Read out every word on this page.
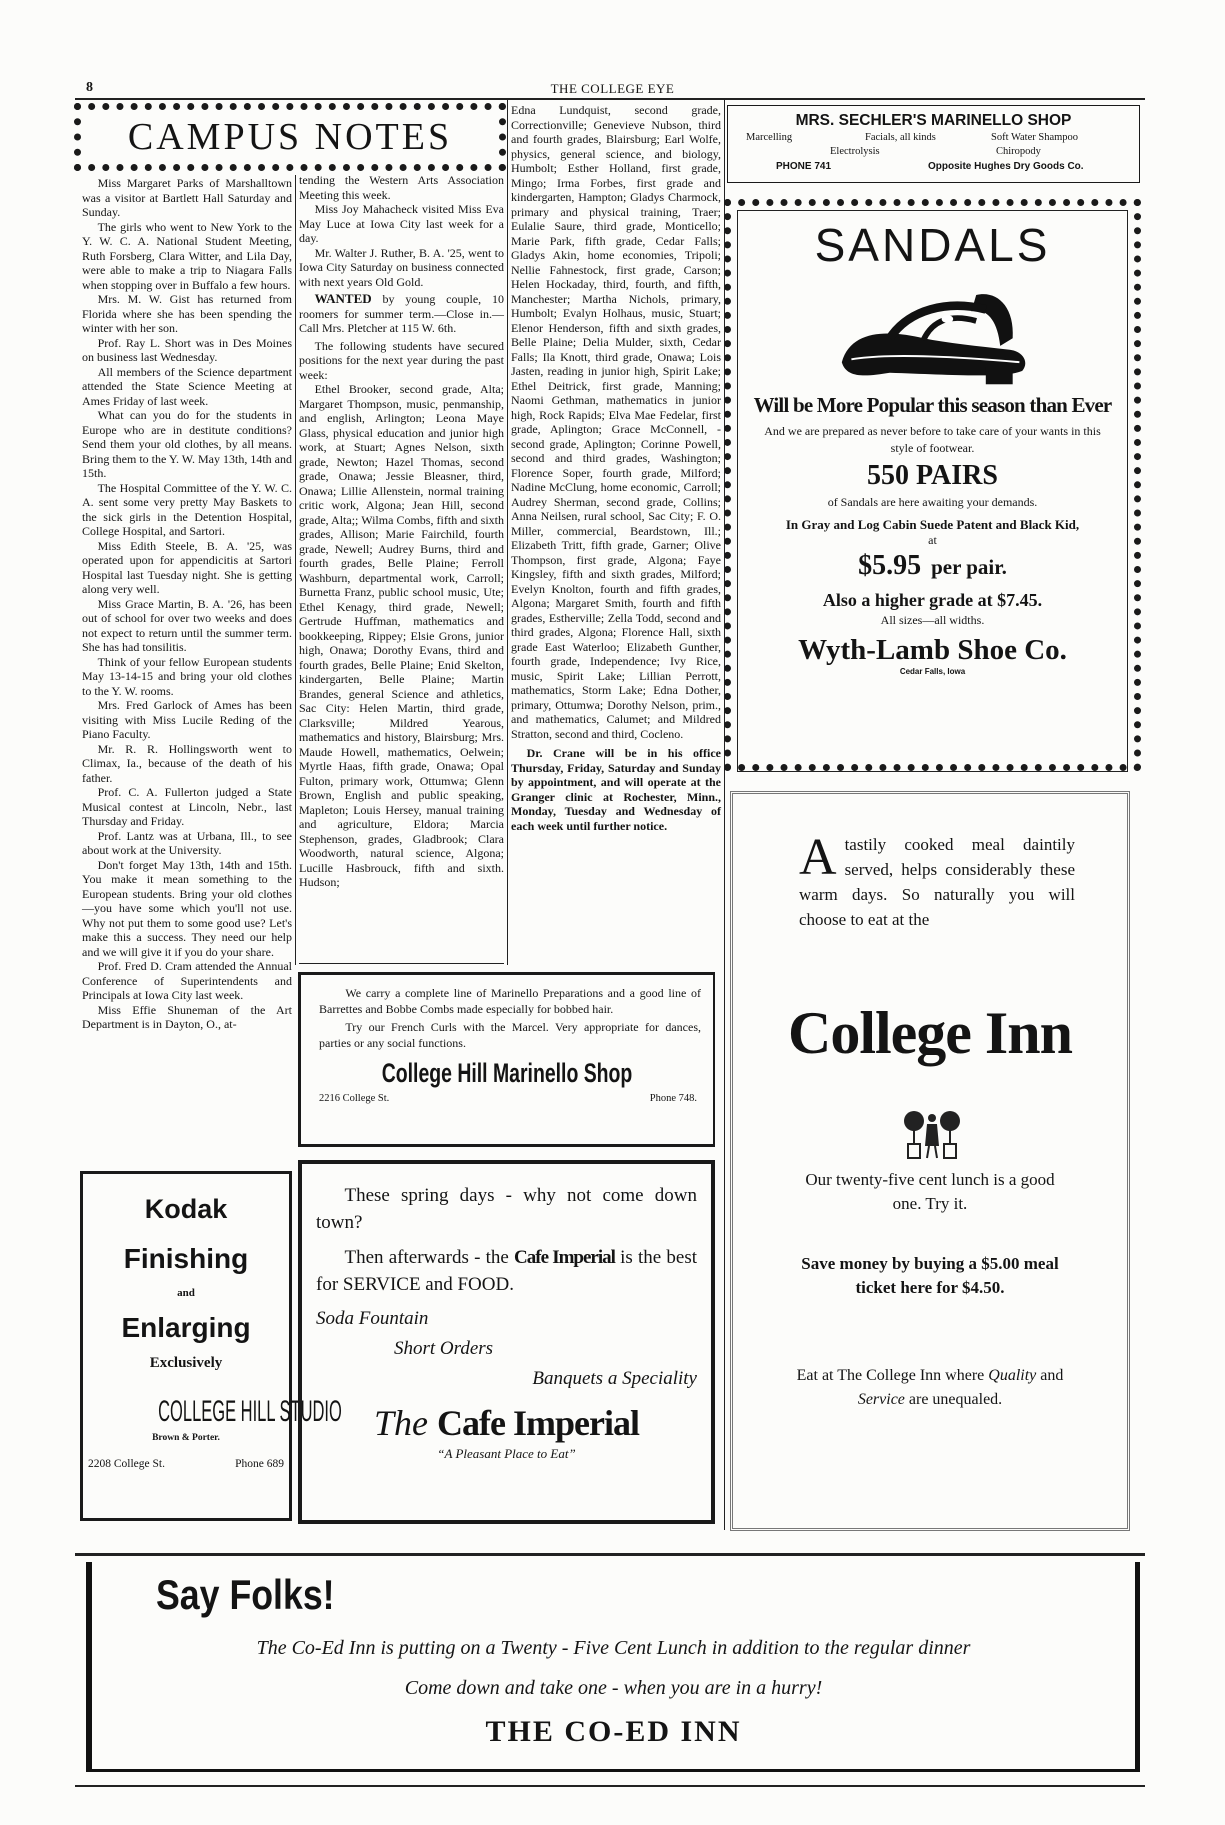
8	THE COLLEGE EYE
CAMPUS NOTES

Miss Margaret Parks of Marshalltown was a visitor at Bartlett Hall Saturday and Sunday.

The girls who went to New York to the Y. W. C. A. National Student Meeting, Ruth Forsberg, Clara Witter, and Lila Day, were able to make a trip to Niagara Falls when stopping over in Buffalo a few hours.

Mrs. M. W. Gist has returned from Florida where she has been spending the winter with her son.

Prof. Ray L. Short was in Des Moines on business last Wednesday.

All members of the Science department attended the State Science Meeting at Ames Friday of last week.

What can you do for the students in Europe who are in destitute conditions? Send them your old clothes, by all means. Bring them to the Y. W. May 13th, 14th and 15th.

The Hospital Committee of the Y. W. C. A. sent some very pretty May Baskets to the sick girls in the Detention Hospital, College Hospital, and Sartori.

Miss Edith Steele, B. A. '25, was operated upon for appendicitis at Sartori Hospital last Tuesday night. She is getting along very well.

Miss Grace Martin, B. A. '26, has been out of school for over two weeks and does not expect to return until the summer term. She has had tonsilitis.

Think of your fellow European students May 13-14-15 and bring your old clothes to the Y. W. rooms.

Mrs. Fred Garlock of Ames has been visiting with Miss Lucile Reding of the Piano Faculty.

Mr. R. R. Hollingsworth went to Climax, Ia., because of the death of his father.

Prof. C. A. Fullerton judged a State Musical contest at Lincoln, Nebr., last Thursday and Friday.

Prof. Lantz was at Urbana, Ill., to see about work at the University.

Don't forget May 13th, 14th and 15th. You make it mean something to the European students. Bring your old clothes—you have some which you'll not use. Why not put them to some good use? Let's make this a success. They need our help and we will give it if you do your share.

Prof. Fred D. Cram attended the Annual Conference of Superintendents and Principals at Iowa City last week.

Miss Effie Shuneman of the Art Department is in Dayton, O., at-

tending the Western Arts Association Meeting this week.

Miss Joy Mahacheck visited Miss Eva May Luce at Iowa City last week for a day.

Mr. Walter J. Ruther, B. A. '25, went to Iowa City Saturday on business connected with next years Old Gold.

WANTED by young couple, 10 roomers for summer term.—Close in.—Call Mrs. Pletcher at 115 W. 6th.

The following students have secured positions for the next year during the past week:

Ethel Brooker, second grade, Alta; Margaret Thompson, music, penmanship, and english, Arlington; Leona Maye Glass, physical education and junior high work, at Stuart; Agnes Nelson, sixth grade, Newton; Hazel Thomas, second grade, Onawa; Jessie Bleasner, third, Onawa; Lillie Allenstein, normal training critic work, Algona; Jean Hill, second grade, Alta;; Wilma Combs, fifth and sixth grades, Allison; Marie Fairchild, fourth grade, Newell; Audrey Burns, third and fourth grades, Belle Plaine; Ferroll Washburn, departmental work, Carroll; Burnetta Franz, public school music, Ute; Ethel Kenagy, third grade, Newell; Gertrude Huffman, mathematics and bookkeeping, Rippey; Elsie Grons, junior high, Onawa; Dorothy Evans, third and fourth grades, Belle Plaine; Enid Skelton, kindergarten, Belle Plaine; Martin Brandes, general Science and athletics, Sac City: Helen Martin, third grade, Clarksville; Mildred Yearous, mathematics and history, Blairsburg; Mrs. Maude Howell, mathematics, Oelwein; Myrtle Haas, fifth grade, Onawa; Opal Fulton, primary work, Ottumwa; Glenn Brown, English and public speaking, Mapleton; Louis Hersey, manual training and agriculture, Eldora; Marcia Stephenson, grades, Gladbrook; Clara Woodworth, natural science, Algona; Lucille Hasbrouck, fifth and sixth. Hudson;

Edna Lundquist, second grade, Correctionville; Genevieve Nubson, third and fourth grades, Blairsburg; Earl Wolfe, physics, general science, and biology, Humbolt; Esther Holland, first grade, Mingo; Irma Forbes, first grade and kindergarten, Hampton; Gladys Charmock, primary and physical training, Traer; Eulalie Saure, third grade, Monticello; Marie Park, fifth grade, Cedar Falls; Gladys Akin, home economies, Tripoli; Nellie Fahnestock, first grade, Carson; Helen Hockaday, third, fourth, and fifth, Manchester; Martha Nichols, primary, Humbolt; Evalyn Holhaus, music, Stuart; Elenor Henderson, fifth and sixth grades, Belle Plaine; Delia Mulder, sixth, Cedar Falls; Ila Knott, third grade, Onawa; Lois Jasten, reading in junior high, Spirit Lake; Ethel Deitrick, first grade, Manning; Naomi Gethman, mathematics in junior high, Rock Rapids; Elva Mae Fedelar, first grade, Aplington; Grace McConnell, - second grade, Aplington; Corinne Powell, second and third grades, Washington; Florence Soper, fourth grade, Milford; Nadine McClung, home economic, Carroll; Audrey Sherman, second grade, Collins; Anna Neilsen, rural school, Sac City; F. O. Miller, commercial, Beardstown, Ill.; Elizabeth Tritt, fifth grade, Garner; Olive Thompson, first grade, Algona; Faye Kingsley, fifth and sixth grades, Milford; Evelyn Knolton, fourth and fifth grades, Algona; Margaret Smith, fourth and fifth grades, Estherville; Zella Todd, second and third grades, Algona; Florence Hall, sixth grade East Waterloo; Elizabeth Gunther, fourth grade, Independence; Ivy Rice, music, Spirit Lake; Lillian Perrott, mathematics, Storm Lake; Edna Dother, primary, Ottumwa; Dorothy Nelson, prim., and mathematics, Calumet; and Mildred Stratton, second and third, Cocleno.

Dr. Crane will be in his office Thursday, Friday, Saturday and Sunday by appointment, and will operate at the Granger clinic at Rochester, Minn., Monday, Tuesday and Wednesday of each week until further notice.

MRS. SECHLER'S MARINELLO SHOP
Marcelling	Facials, all kinds	Soft Water Shampoo
Electrolysis	Chiropody
PHONE 741	Opposite Hughes Dry Goods Co.
SANDALS
Will be More Popular this season than Ever
And we are prepared as never before to take care of your wants in this style of footwear.
550 PAIRS
of Sandals are here awaiting your demands.
In Gray and Log Cabin Suede Patent and Black Kid,
at
$5.95 per pair.
Also a higher grade at $7.45.
All sizes—all widths.
Wyth-Lamb Shoe Co.
Cedar Falls, Iowa
Atastily cooked meal daintily served, helps considerably these warm days. So naturally you will choose to eat at the
College Inn
Our twenty-five cent lunch is a good one. Try it.
Save money by buying a $5.00 meal ticket here for $4.50.
Eat at The College Inn where Quality and Service are unequaled.

We carry a complete line of Marinello Preparations and a good line of Barrettes and Bobbe Combs made especially for bobbed hair.

Try our French Curls with the Marcel. Very appropriate for dances, parties or any social functions.

College Hill Marinello Shop
2216 College St.	Phone 748.
Kodak
Finishing
and
Enlarging
Exclusively
COLLEGE HILL STUDIO
Brown & Porter.
2208 College St.	Phone 689

These spring days - why not come down town?

Then afterwards - the Cafe Imperial is the best for SERVICE and FOOD.

Soda Fountain
Short Orders
Banquets a Speciality
The Cafe Imperial
“A Pleasant Place to Eat”
Say Folks!
The Co-Ed Inn is putting on a Twenty - Five Cent Lunch in addition to the regular dinner
Come down and take one - when you are in a hurry!
THE CO-ED INN
